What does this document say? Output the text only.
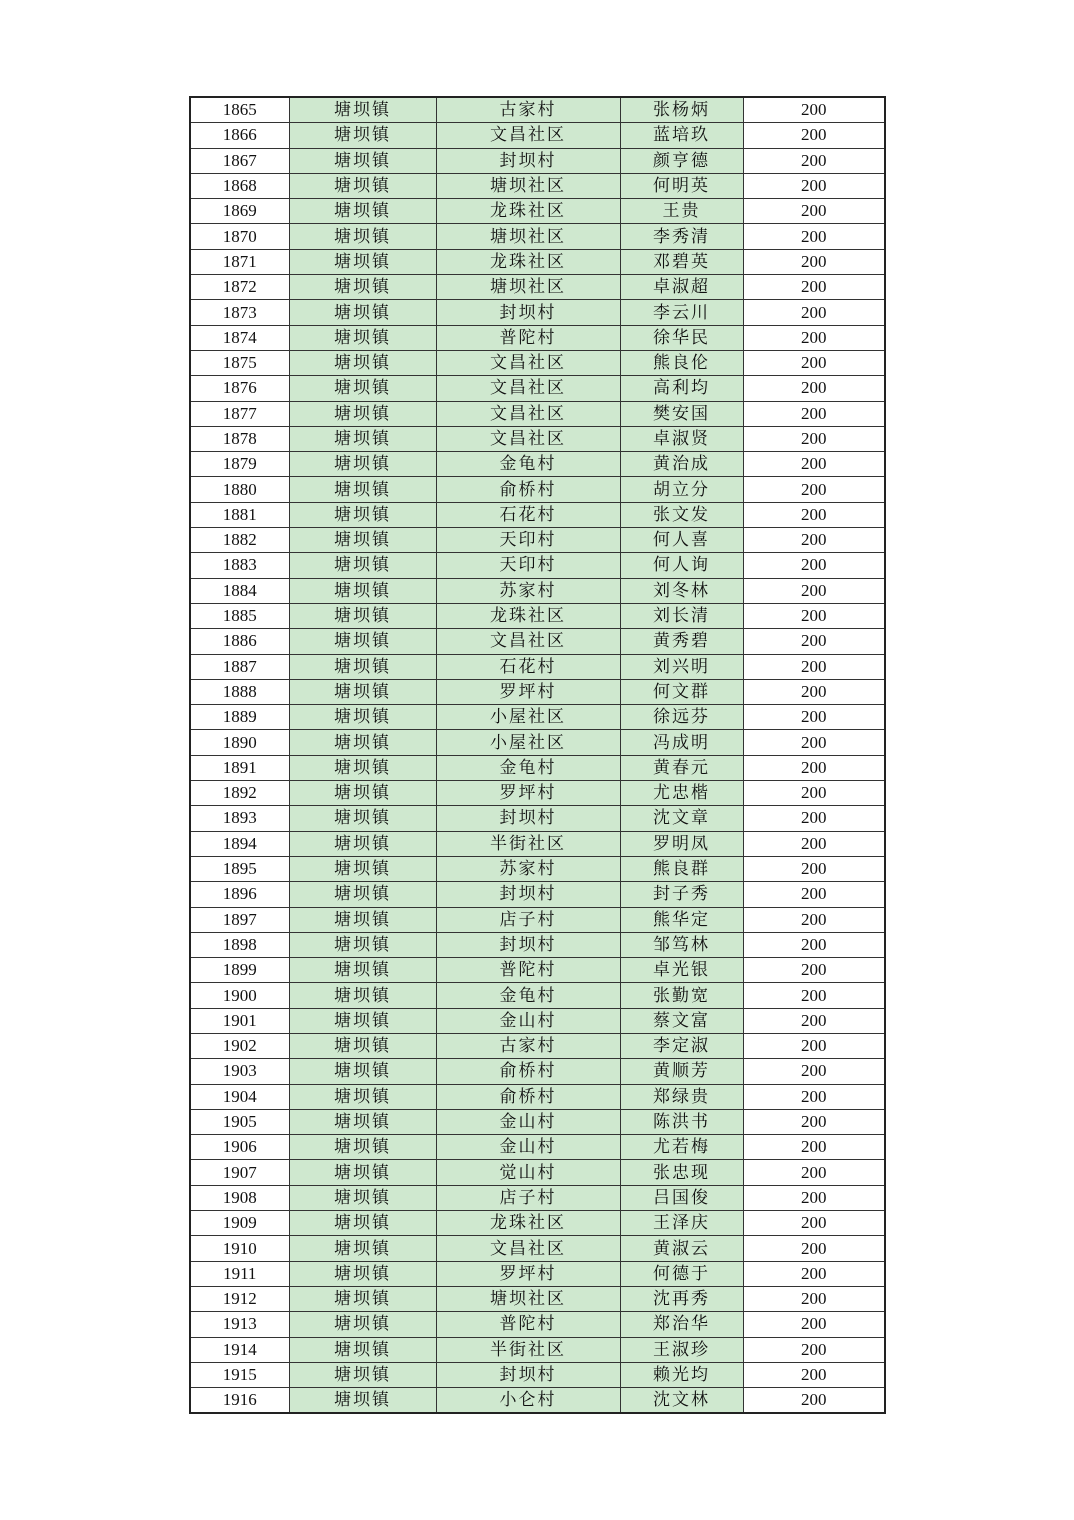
1865	塘坝镇	古家村	张杨炳	200
1866	塘坝镇	文昌社区	蓝培玖	200
1867	塘坝镇	封坝村	颜亨德	200
1868	塘坝镇	塘坝社区	何明英	200
1869	塘坝镇	龙珠社区	王贵	200
1870	塘坝镇	塘坝社区	李秀清	200
1871	塘坝镇	龙珠社区	邓碧英	200
1872	塘坝镇	塘坝社区	卓淑超	200
1873	塘坝镇	封坝村	李云川	200
1874	塘坝镇	普陀村	徐华民	200
1875	塘坝镇	文昌社区	熊良伦	200
1876	塘坝镇	文昌社区	高利均	200
1877	塘坝镇	文昌社区	樊安国	200
1878	塘坝镇	文昌社区	卓淑贤	200
1879	塘坝镇	金龟村	黄治成	200
1880	塘坝镇	俞桥村	胡立分	200
1881	塘坝镇	石花村	张文发	200
1882	塘坝镇	天印村	何人喜	200
1883	塘坝镇	天印村	何人询	200
1884	塘坝镇	苏家村	刘冬林	200
1885	塘坝镇	龙珠社区	刘长清	200
1886	塘坝镇	文昌社区	黄秀碧	200
1887	塘坝镇	石花村	刘兴明	200
1888	塘坝镇	罗坪村	何文群	200
1889	塘坝镇	小屋社区	徐远芬	200
1890	塘坝镇	小屋社区	冯成明	200
1891	塘坝镇	金龟村	黄春元	200
1892	塘坝镇	罗坪村	尤忠楷	200
1893	塘坝镇	封坝村	沈文章	200
1894	塘坝镇	半街社区	罗明凤	200
1895	塘坝镇	苏家村	熊良群	200
1896	塘坝镇	封坝村	封子秀	200
1897	塘坝镇	店子村	熊华定	200
1898	塘坝镇	封坝村	邹笃林	200
1899	塘坝镇	普陀村	卓光银	200
1900	塘坝镇	金龟村	张勤宽	200
1901	塘坝镇	金山村	蔡文富	200
1902	塘坝镇	古家村	李定淑	200
1903	塘坝镇	俞桥村	黄顺芳	200
1904	塘坝镇	俞桥村	郑绿贵	200
1905	塘坝镇	金山村	陈洪书	200
1906	塘坝镇	金山村	尤若梅	200
1907	塘坝镇	觉山村	张忠现	200
1908	塘坝镇	店子村	吕国俊	200
1909	塘坝镇	龙珠社区	王泽庆	200
1910	塘坝镇	文昌社区	黄淑云	200
1911	塘坝镇	罗坪村	何德于	200
1912	塘坝镇	塘坝社区	沈再秀	200
1913	塘坝镇	普陀村	郑治华	200
1914	塘坝镇	半街社区	王淑珍	200
1915	塘坝镇	封坝村	赖光均	200
1916	塘坝镇	小仑村	沈文林	200
